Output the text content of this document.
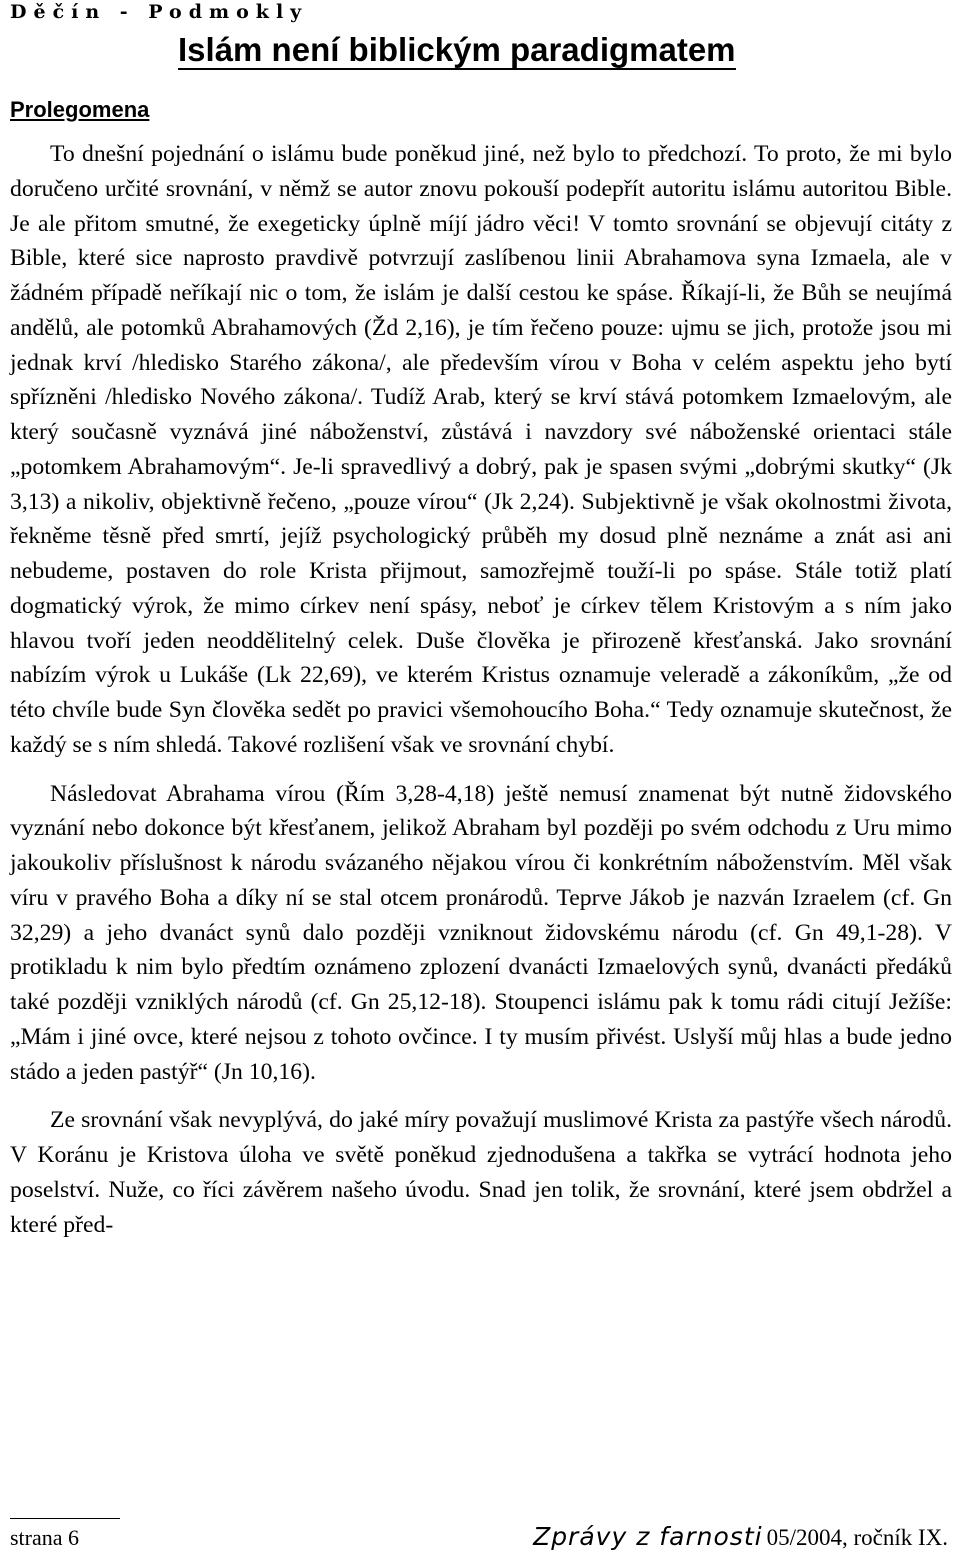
Děčín - Podmokly
Islám není biblickým paradigmatem
Prolegomena

To dnešní pojednání o islámu bude poněkud jiné, než bylo to předchozí. To proto, že mi bylo doručeno určité srovnání, v němž se autor znovu pokouší podepřít autoritu islámu autoritou Bible. Je ale přitom smutné, že exegeticky úplně míjí jádro věci! V tomto srovnání se objevují citáty z Bible, které sice naprosto pravdivě potvrzují zaslíbenou linii Abrahamova syna Izmaela, ale v žádném případě neříkají nic o tom, že islám je další cestou ke spáse. Říkají-li, že Bůh se neujímá andělů, ale potomků Abrahamových (Žd 2,16), je tím řečeno pouze: ujmu se jich, protože jsou mi jednak krví /hledisko Starého zákona/, ale především vírou v Boha v celém aspektu jeho bytí spřízněni /hledisko Nového zákona/. Tudíž Arab, který se krví stává potomkem Izmaelovým, ale který současně vyznává jiné náboženství, zůstává i navzdory své náboženské orientaci stále „potomkem Abrahamovým“. Je-li spravedlivý a dobrý, pak je spasen svými „dobrými skutky“ (Jk 3,13) a nikoliv, objektivně řečeno, „pouze vírou“ (Jk 2,24). Subjektivně je však okolnostmi života, řekněme těsně před smrtí, jejíž psychologický průběh my dosud plně neznáme a znát asi ani nebudeme, postaven do role Krista přijmout, samozřejmě touží-li po spáse. Stále totiž platí dogmatický výrok, že mimo církev není spásy, neboť je církev tělem Kristovým a s ním jako hlavou tvoří jeden neoddělitelný celek. Duše člověka je přirozeně křesťanská. Jako srovnání nabízím výrok u Lukáše (Lk 22,69), ve kterém Kristus oznamuje veleradě a zákoníkům, „že od této chvíle bude Syn člověka sedět po pravici všemohoucího Boha.“ Tedy oznamuje skutečnost, že každý se s ním shledá. Takové rozlišení však ve srovnání chybí.

Následovat Abrahama vírou (Řím 3,28-4,18) ještě nemusí znamenat být nutně židovského vyznání nebo dokonce být křesťanem, jelikož Abraham byl později po svém odchodu z Uru mimo jakoukoliv příslušnost k národu svázaného nějakou vírou či konkrétním náboženstvím. Měl však víru v pravého Boha a díky ní se stal otcem pronárodů. Teprve Jákob je nazván Izraelem (cf. Gn 32,29) a jeho dvanáct synů dalo později vzniknout židovskému národu (cf. Gn 49,1-28). V protikladu k nim bylo předtím oznámeno zplození dvanácti Izmaelových synů, dvanácti předáků také později vzniklých národů (cf. Gn 25,12-18). Stoupenci islámu pak k tomu rádi citují Ježíše: „Mám i jiné ovce, které nejsou z tohoto ovčince. I ty musím přivést. Uslyší můj hlas a bude jedno stádo a jeden pastýř“ (Jn 10,16).

Ze srovnání však nevyplývá, do jaké míry považují muslimové Krista za pastýře všech národů. V Koránu je Kristova úloha ve světě poněkud zjednodušena a takřka se vytrácí hodnota jeho poselství. Nuže, co říci závěrem našeho úvodu. Snad jen tolik, že srovnání, které jsem obdržel a které před-

strana 6	Zprávy z farnosti 05/2004, ročník IX.
